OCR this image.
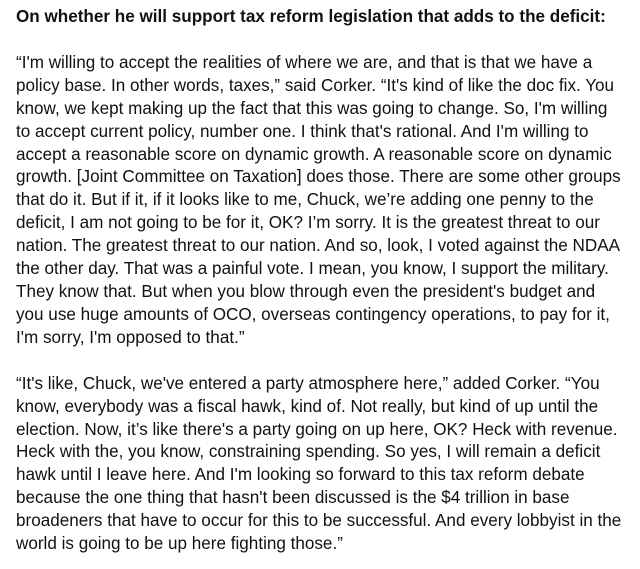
On whether he will support tax reform legislation that adds to the deficit:
“I'm willing to accept the realities of where we are, and that is that we have a policy base. In other words, taxes,” said Corker. “It's kind of like the doc fix. You know, we kept making up the fact that this was going to change. So, I'm willing to accept current policy, number one. I think that's rational. And I'm willing to accept a reasonable score on dynamic growth. A reasonable score on dynamic growth. [Joint Committee on Taxation] does those. There are some other groups that do it. But if it, if it looks like to me, Chuck, we’re adding one penny to the deficit, I am not going to be for it, OK? I’m sorry. It is the greatest threat to our nation. The greatest threat to our nation. And so, look, I voted against the NDAA the other day. That was a painful vote. I mean, you know, I support the military. They know that. But when you blow through even the president's budget and you use huge amounts of OCO, overseas contingency operations, to pay for it, I'm sorry, I'm opposed to that.”
“It's like, Chuck, we've entered a party atmosphere here,” added Corker. “You know, everybody was a fiscal hawk, kind of. Not really, but kind of up until the election. Now, it’s like there's a party going on up here, OK? Heck with revenue. Heck with the, you know, constraining spending. So yes, I will remain a deficit hawk until I leave here. And I'm looking so forward to this tax reform debate because the one thing that hasn't been discussed is the $4 trillion in base broadeners that have to occur for this to be successful. And every lobbyist in the world is going to be up here fighting those.”
